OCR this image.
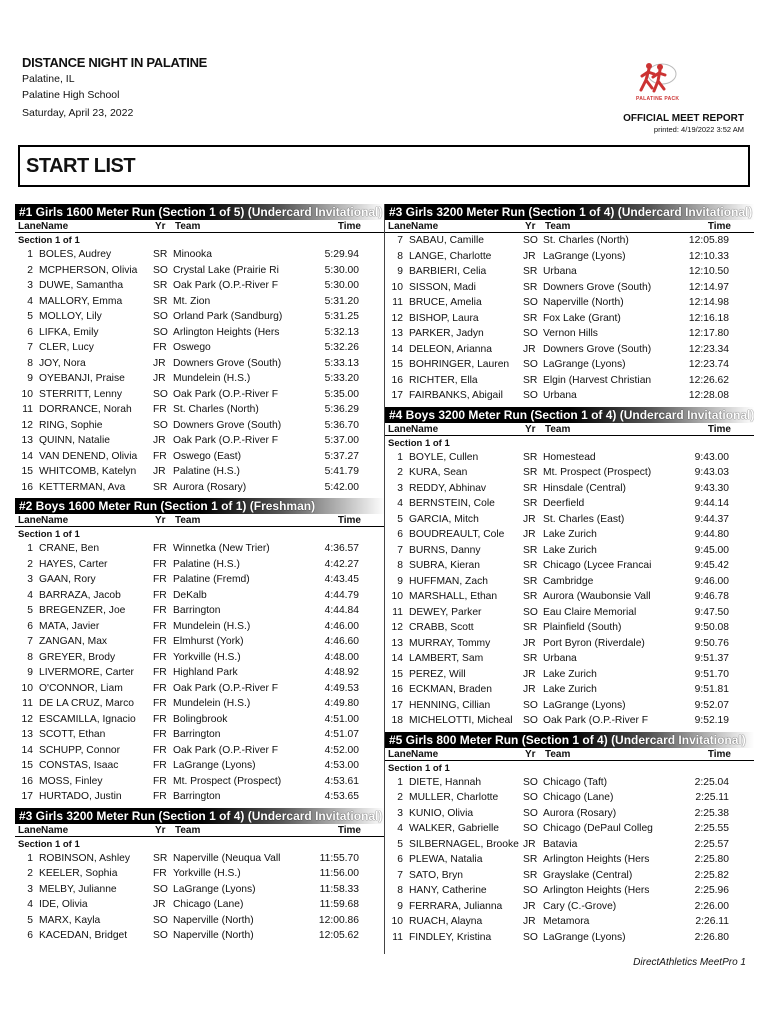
DISTANCE NIGHT IN PALATINE
Palatine, IL
Palatine High School
Saturday, April 23, 2022
PALATINE PACK
OFFICIAL MEET REPORT
printed: 4/19/2022 3:52 AM
START LIST
#1 Girls 1600 Meter Run (Section 1 of 5) (Undercard Invitational)
Lane Name	Yr Team	Time
Section 1 of 1
1 BOLES, Audrey	SR Minooka	5:29.94
2 MCPHERSON, Olivia	SO Crystal Lake (Prairie Ri	5:30.00
3 DUWE, Samantha	SR Oak Park (O.P.-River F	5:30.00
4 MALLORY, Emma	SR Mt. Zion	5:31.20
5 MOLLOY, Lily	SO Orland Park (Sandburg)	5:31.25
6 LIFKA, Emily	SO Arlington Heights (Hers	5:32.13
7 CLER, Lucy	FR Oswego	5:32.26
8 JOY, Nora	JR Downers Grove (South)	5:33.13
9 OYEBANJI, Praise	JR Mundelein (H.S.)	5:33.20
10 STERRITT, Lenny	SO Oak Park (O.P.-River F	5:35.00
11 DORRANCE, Norah	FR St. Charles (North)	5:36.29
12 RING, Sophie	SO Downers Grove (South)	5:36.70
13 QUINN, Natalie	JR Oak Park (O.P.-River F	5:37.00
14 VAN DENEND, Olivia	FR Oswego (East)	5:37.27
15 WHITCOMB, Katelyn	JR Palatine (H.S.)	5:41.79
16 KETTERMAN, Ava	SR Aurora (Rosary)	5:42.00
#2 Boys 1600 Meter Run (Section 1 of 1) (Freshman)
Lane Name	Yr Team	Time
Section 1 of 1
1 CRANE, Ben	FR Winnetka (New Trier)	4:36.57
2 HAYES, Carter	FR Palatine (H.S.)	4:42.27
3 GAAN, Rory	FR Palatine (Fremd)	4:43.45
4 BARRAZA, Jacob	FR DeKalb	4:44.79
5 BREGENZER, Joe	FR Barrington	4:44.84
6 MATA, Javier	FR Mundelein (H.S.)	4:46.00
7 ZANGAN, Max	FR Elmhurst (York)	4:46.60
8 GREYER, Brody	FR Yorkville (H.S.)	4:48.00
9 LIVERMORE, Carter	FR Highland Park	4:48.92
10 O'CONNOR, Liam	FR Oak Park (O.P.-River F	4:49.53
11 DE LA CRUZ, Marco	FR Mundelein (H.S.)	4:49.80
12 ESCAMILLA, Ignacio	FR Bolingbrook	4:51.00
13 SCOTT, Ethan	FR Barrington	4:51.07
14 SCHUPP, Connor	FR Oak Park (O.P.-River F	4:52.00
15 CONSTAS, Isaac	FR LaGrange (Lyons)	4:53.00
16 MOSS, Finley	FR Mt. Prospect (Prospect)	4:53.61
17 HURTADO, Justin	FR Barrington	4:53.65
#3 Girls 3200 Meter Run (Section 1 of 4) (Undercard Invitational)
Lane Name	Yr Team	Time
Section 1 of 1
1 ROBINSON, Ashley	SR Naperville (Neuqua Vall	11:55.70
2 KEELER, Sophia	FR Yorkville (H.S.)	11:56.00
3 MELBY, Julianne	SO LaGrange (Lyons)	11:58.33
4 IDE, Olivia	JR Chicago (Lane)	11:59.68
5 MARX, Kayla	SO Naperville (North)	12:00.86
6 KACEDAN, Bridget	SO Naperville (North)	12:05.62
#3 Girls 3200 Meter Run (Section 1 of 4) (Undercard Invitational)
Lane Name	Yr Team	Time
7 SABAU, Camille	SO St. Charles (North)	12:05.89
8 LANGE, Charlotte	JR LaGrange (Lyons)	12:10.33
9 BARBIERI, Celia	SR Urbana	12:10.50
10 SISSON, Madi	SR Downers Grove (South)	12:14.97
11 BRUCE, Amelia	SO Naperville (North)	12:14.98
12 BISHOP, Laura	SR Fox Lake (Grant)	12:16.18
13 PARKER, Jadyn	SO Vernon Hills	12:17.80
14 DELEON, Arianna	JR Downers Grove (South)	12:23.34
15 BOHRINGER, Lauren	SO LaGrange (Lyons)	12:23.74
16 RICHTER, Ella	SR Elgin (Harvest Christian	12:26.62
17 FAIRBANKS, Abigail	SO Urbana	12:28.08
#4 Boys 3200 Meter Run (Section 1 of 4) (Undercard Invitational)
Lane Name	Yr Team	Time
Section 1 of 1
1 BOYLE, Cullen	SR Homestead	9:43.00
2 KURA, Sean	SR Mt. Prospect (Prospect)	9:43.03
3 REDDY, Abhinav	SR Hinsdale (Central)	9:43.30
4 BERNSTEIN, Cole	SR Deerfield	9:44.14
5 GARCIA, Mitch	JR St. Charles (East)	9:44.37
6 BOUDREAULT, Cole	JR Lake Zurich	9:44.80
7 BURNS, Danny	SR Lake Zurich	9:45.00
8 SUBRA, Kieran	SR Chicago (Lycee Francai	9:45.42
9 HUFFMAN, Zach	SR Cambridge	9:46.00
10 MARSHALL, Ethan	SR Aurora (Waubonsie Vall	9:46.78
11 DEWEY, Parker	SO Eau Claire Memorial	9:47.50
12 CRABB, Scott	SR Plainfield (South)	9:50.08
13 MURRAY, Tommy	JR Port Byron (Riverdale)	9:50.76
14 LAMBERT, Sam	SR Urbana	9:51.37
15 PEREZ, Will	JR Lake Zurich	9:51.70
16 ECKMAN, Braden	JR Lake Zurich	9:51.81
17 HENNING, Cillian	SO LaGrange (Lyons)	9:52.07
18 MICHELOTTI, Micheal	SO Oak Park (O.P.-River F	9:52.19
#5 Girls 800 Meter Run (Section 1 of 4) (Undercard Invitational)
Lane Name	Yr Team	Time
Section 1 of 1
1 DIETE, Hannah	SO Chicago (Taft)	2:25.04
2 MULLER, Charlotte	SO Chicago (Lane)	2:25.11
3 KUNIO, Olivia	SO Aurora (Rosary)	2:25.38
4 WALKER, Gabrielle	SO Chicago (DePaul Colleg	2:25.55
5 SILBERNAGEL, Brooke JR Batavia	2:25.57
6 PLEWA, Natalia	SR Arlington Heights (Hers	2:25.80
7 SATO, Bryn	SR Grayslake (Central)	2:25.82
8 HANY, Catherine	SO Arlington Heights (Hers	2:25.96
9 FERRARA, Julianna	JR Cary (C.-Grove)	2:26.00
10 RUACH, Alayna	JR Metamora	2:26.11
11 FINDLEY, Kristina	SO LaGrange (Lyons)	2:26.80
DirectAthletics MeetPro 1
